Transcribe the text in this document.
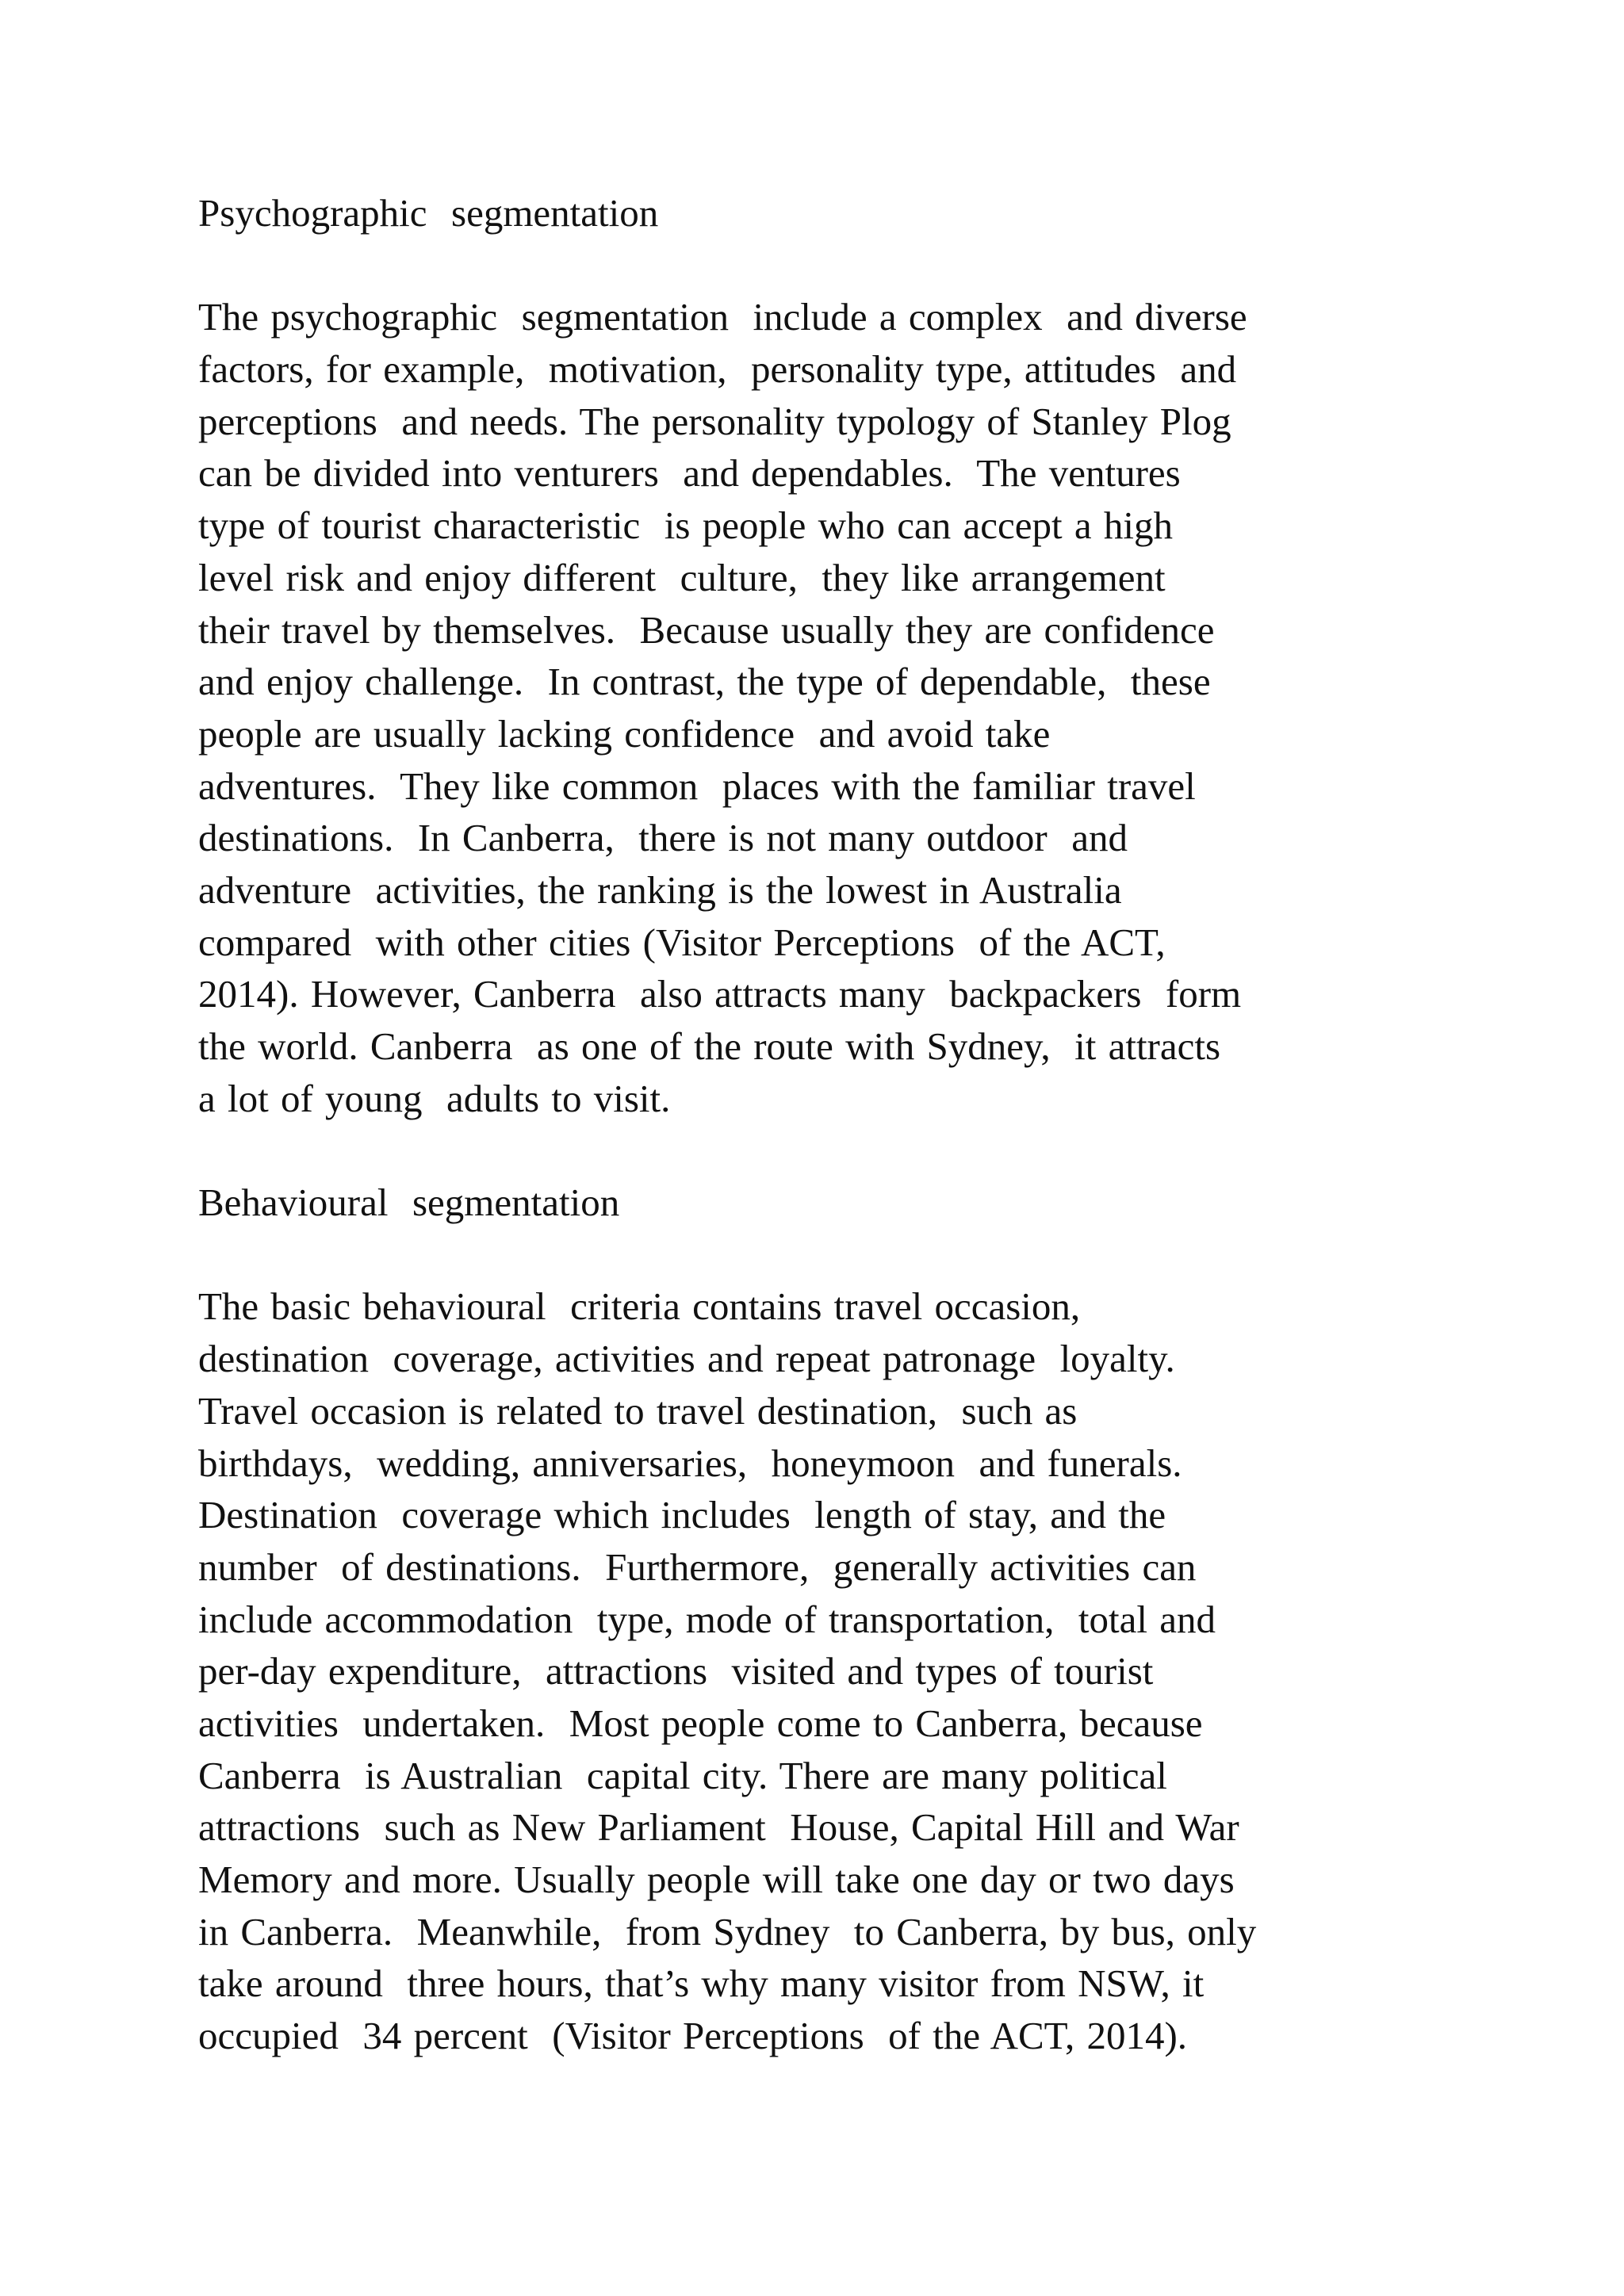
Psychographic  segmentation
The psychographic  segmentation  include a complex  and diverse
factors, for example,  motivation,  personality type, attitudes  and
perceptions  and needs. The personality typology of Stanley Plog
can be divided into venturers  and dependables.  The ventures
type of tourist characteristic  is people who can accept a high
level risk and enjoy different  culture,  they like arrangement
their travel by themselves.  Because usually they are confidence
and enjoy challenge.  In contrast, the type of dependable,  these
people are usually lacking confidence  and avoid take
adventures.  They like common  places with the familiar travel
destinations.  In Canberra,  there is not many outdoor  and
adventure  activities, the ranking is the lowest in Australia
compared  with other cities (Visitor Perceptions  of the ACT,
2014). However, Canberra  also attracts many  backpackers  form
the world. Canberra  as one of the route with Sydney,  it attracts
a lot of young  adults to visit.
Behavioural  segmentation
The basic behavioural  criteria contains travel occasion,
destination  coverage, activities and repeat patronage  loyalty.
Travel occasion is related to travel destination,  such as
birthdays,  wedding, anniversaries,  honeymoon  and funerals.
Destination  coverage which includes  length of stay, and the
number  of destinations.  Furthermore,  generally activities can
include accommodation  type, mode of transportation,  total and
per-day expenditure,  attractions  visited and types of tourist
activities  undertaken.  Most people come to Canberra, because
Canberra  is Australian  capital city. There are many political
attractions  such as New Parliament  House, Capital Hill and War
Memory and more. Usually people will take one day or two days
in Canberra.  Meanwhile,  from Sydney  to Canberra, by bus, only
take around  three hours, that’s why many visitor from NSW, it
occupied  34 percent  (Visitor Perceptions  of the ACT, 2014).
